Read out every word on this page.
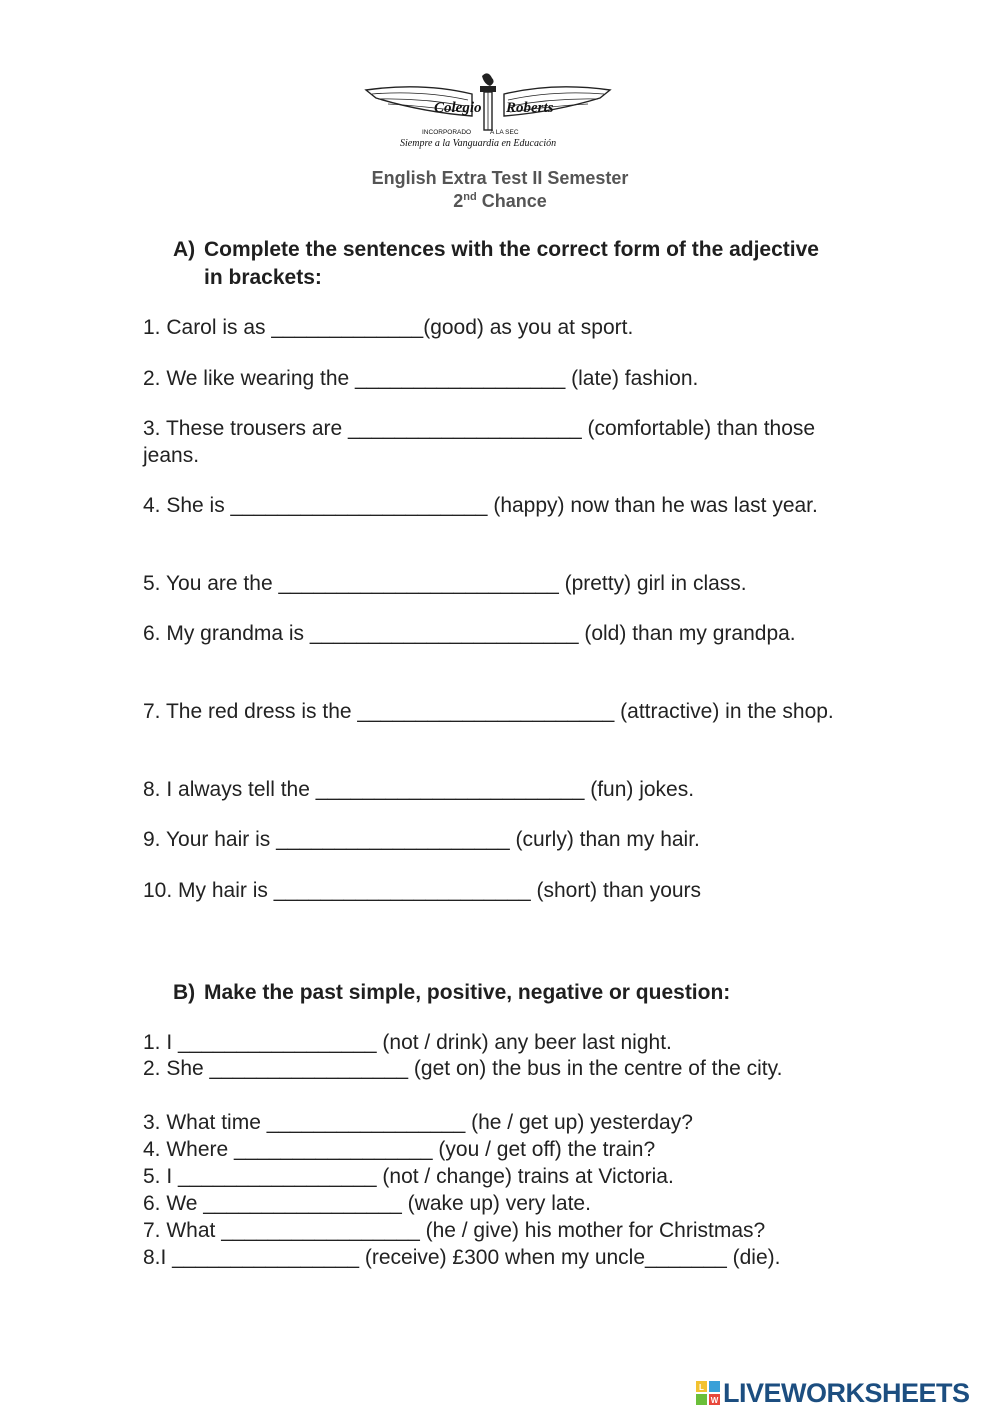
Colegio Roberts
INCORPORADO	A LA SEC
Siempre a la Vanguardia en Educación
English Extra Test II Semester
2nd Chance
A) Complete the sentences with the correct form of the adjective in brackets:
1. Carol is as _____________(good) as you at sport.
2. We like wearing the __________________ (late) fashion.
3. These trousers are ____________________ (comfortable) than those jeans.
4. She is ______________________ (happy) now than he was last year.
5. You are the ________________________ (pretty) girl in class.
6. My grandma is _______________________ (old) than my grandpa.
7. The red dress is the ______________________ (attractive) in the shop.
8. I always tell the _______________________ (fun) jokes.
9. Your hair is ____________________ (curly) than my hair.
10. My hair is ______________________ (short) than yours
B) Make the past simple, positive, negative or question:
1. I _________________ (not / drink) any beer last night.
2. She _________________ (get on) the bus in the centre of the city.
3. What time _________________ (he / get up) yesterday?
4. Where _________________ (you / get off) the train?
5. I _________________ (not / change) trains at Victoria.
6. We _________________ (wake up) very late.
7. What _________________ (he / give) his mother for Christmas?
8.I ________________ (receive) £300 when my uncle_______ (die).
L
W LIVEWORKSHEETS
